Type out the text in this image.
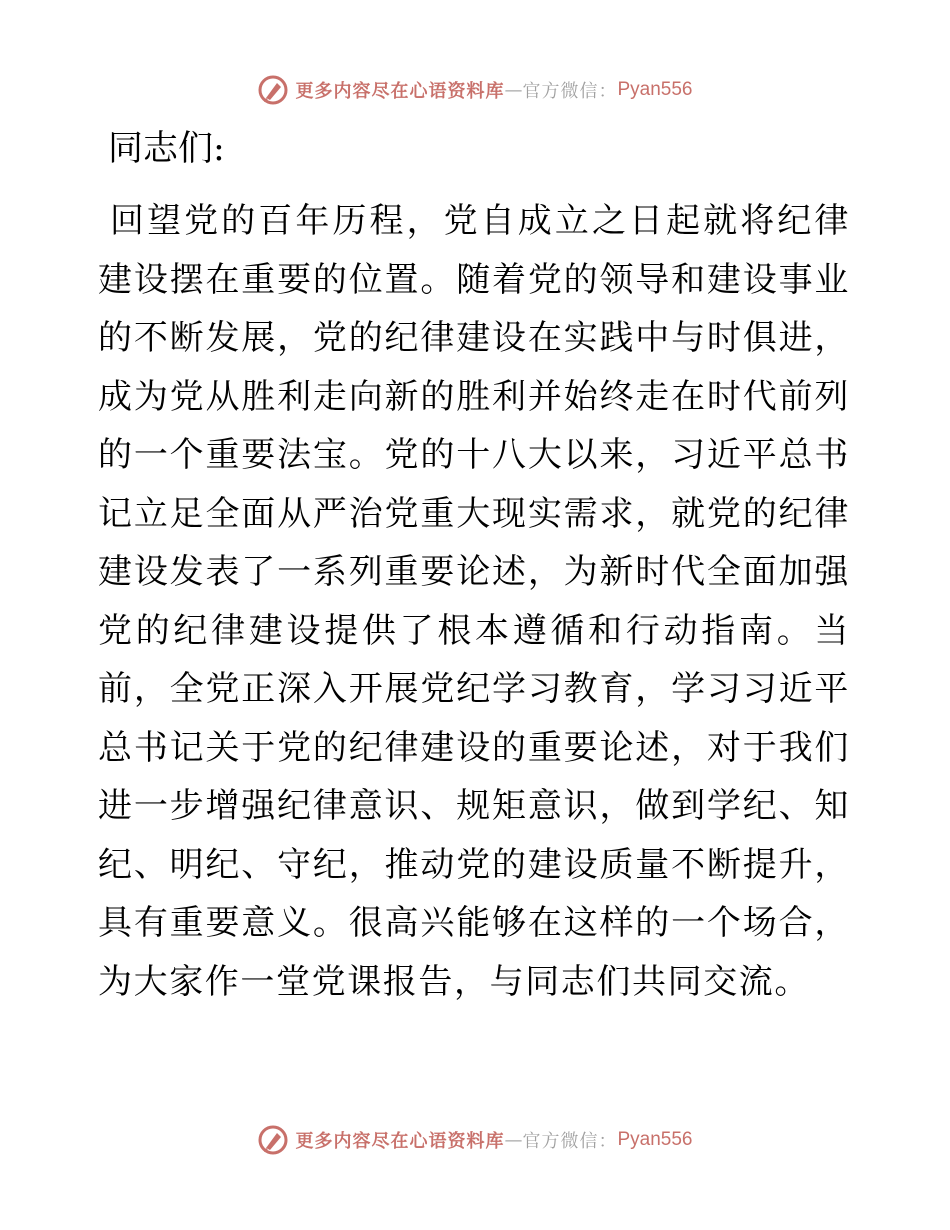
更多内容尽在心语资料库 — 官方微信： Pyan556

同志们:

回望党的百年历程，党自成立之日起就将纪律建设摆在重要的位置。随着党的领导和建设事业的不断发展，党的纪律建设在实践中与时俱进，成为党从胜利走向新的胜利并始终走在时代前列的一个重要法宝。党的十八大以来，习近平总书记立足全面从严治党重大现实需求，就党的纪律建设发表了一系列重要论述，为新时代全面加强党的纪律建设提供了根本遵循和行动指南。当前，全党正深入开展党纪学习教育，学习习近平总书记关于党的纪律建设的重要论述，对于我们进一步增强纪律意识、规矩意识，做到学纪、知纪、明纪、守纪，推动党的建设质量不断提升，具有重要意义。很高兴能够在这样的一个场合，为大家作一堂党课报告，与同志们共同交流。

更多内容尽在心语资料库 — 官方微信： Pyan556
